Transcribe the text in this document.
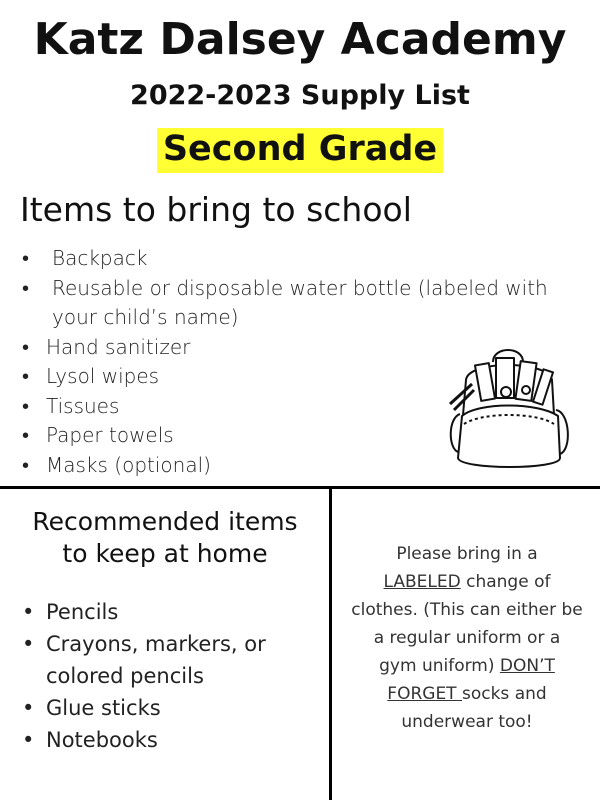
Katz Dalsey Academy
2022-2023 Supply List
Second Grade
Items to bring to school
• Backpack
• Reusable or disposable water bottle (labeled with
your child’s name)
• Hand sanitizer
• Lysol wipes
• Tissues
• Paper towels
• Masks (optional)
Recommended items
to keep at home
• Pencils
• Crayons, markers, or
colored pencils
• Glue sticks
• Notebooks
Please bring in a
LABELED change of
clothes. (This can either be
a regular uniform or a
gym uniform) DON’T
FORGET socks and
underwear too!
